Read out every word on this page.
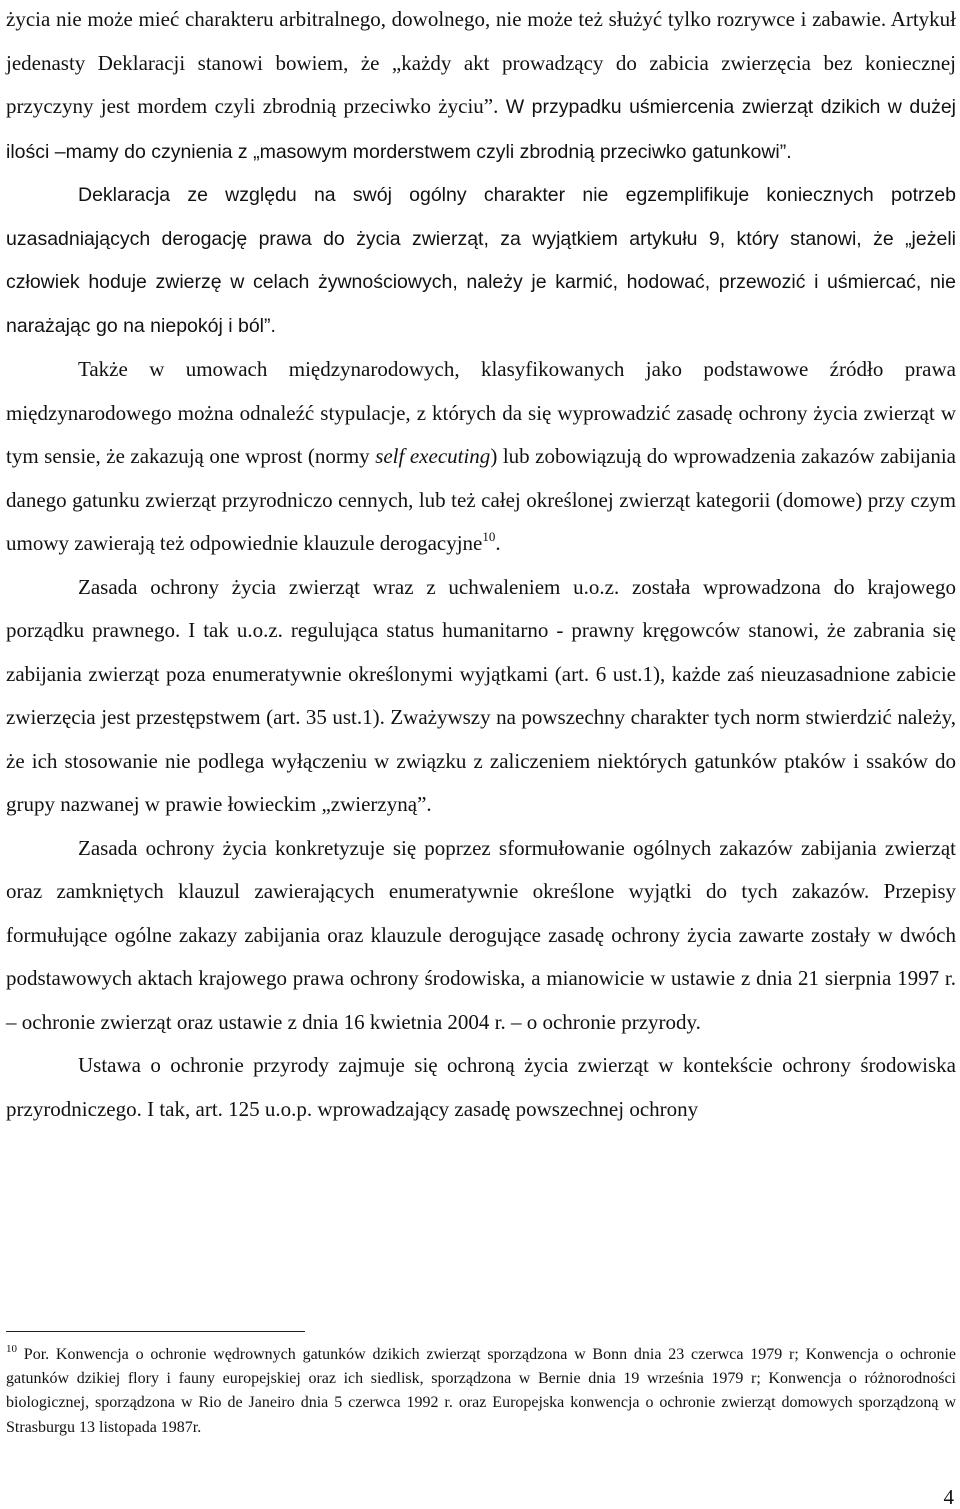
życia nie może mieć charakteru arbitralnego, dowolnego, nie może też służyć tylko rozrywce i zabawie. Artykuł jedenasty Deklaracji stanowi bowiem, że „każdy akt prowadzący do zabicia zwierzęcia bez koniecznej przyczyny jest mordem czyli zbrodnią przeciwko życiu”. W przypadku uśmiercenia zwierząt dzikich w dużej ilości –mamy do czynienia z „masowym morderstwem czyli zbrodnią przeciwko gatunkowi”.

Deklaracja ze względu na swój ogólny charakter nie egzemplifikuje koniecznych potrzeb uzasadniających derogację prawa do życia zwierząt, za wyjątkiem artykułu 9, który stanowi, że „jeżeli człowiek hoduje zwierzę w celach żywnościowych, należy je karmić, hodować, przewozić i uśmiercać, nie narażając go na niepokój i ból”.

Także w umowach międzynarodowych, klasyfikowanych jako podstawowe źródło prawa międzynarodowego można odnaleźć stypulacje, z których da się wyprowadzić zasadę ochrony życia zwierząt w tym sensie, że zakazują one wprost (normy self executing) lub zobowiązują do wprowadzenia zakazów zabijania danego gatunku zwierząt przyrodniczo cennych, lub też całej określonej zwierząt kategorii (domowe) przy czym umowy zawierają też odpowiednie klauzule derogacyjne$^{10}$.

Zasada ochrony życia zwierząt wraz z uchwaleniem u.o.z. została wprowadzona do krajowego porządku prawnego. I tak u.o.z. regulująca status humanitarno - prawny kręgowców stanowi, że zabrania się zabijania zwierząt poza enumeratywnie określonymi wyjątkami (art. 6 ust.1), każde zaś nieuzasadnione zabicie zwierzęcia jest przestępstwem (art. 35 ust.1). Zważywszy na powszechny charakter tych norm stwierdzić należy, że ich stosowanie nie podlega wyłączeniu w związku z zaliczeniem niektórych gatunków ptaków i ssaków do grupy nazwanej w prawie łowieckim „zwierzyną”.

Zasada ochrony życia konkretyzuje się poprzez sformułowanie ogólnych zakazów zabijania zwierząt oraz zamkniętych klauzul zawierających enumeratywnie określone wyjątki do tych zakazów. Przepisy formułujące ogólne zakazy zabijania oraz klauzule derogujące zasadę ochrony życia zawarte zostały w dwóch podstawowych aktach krajowego prawa ochrony środowiska, a mianowicie w ustawie z dnia 21 sierpnia 1997 r. – ochronie zwierząt oraz ustawie z dnia 16 kwietnia 2004 r. – o ochronie przyrody.

Ustawa o ochronie przyrody zajmuje się ochroną życia zwierząt w kontekście ochrony środowiska przyrodniczego. I tak, art. 125 u.o.p. wprowadzający zasadę powszechnej ochrony

$^{10}$ Por. Konwencja o ochronie wędrownych gatunków dzikich zwierząt sporządzona w Bonn dnia 23 czerwca 1979 r; Konwencja o ochronie gatunków dzikiej flory i fauny europejskiej oraz ich siedlisk, sporządzona w Bernie dnia 19 września 1979 r; Konwencja o różnorodności biologicznej, sporządzona w Rio de Janeiro dnia 5 czerwca 1992 r. oraz Europejska konwencja o ochronie zwierząt domowych sporządzoną w Strasburgu 13 listopada 1987r.

4
